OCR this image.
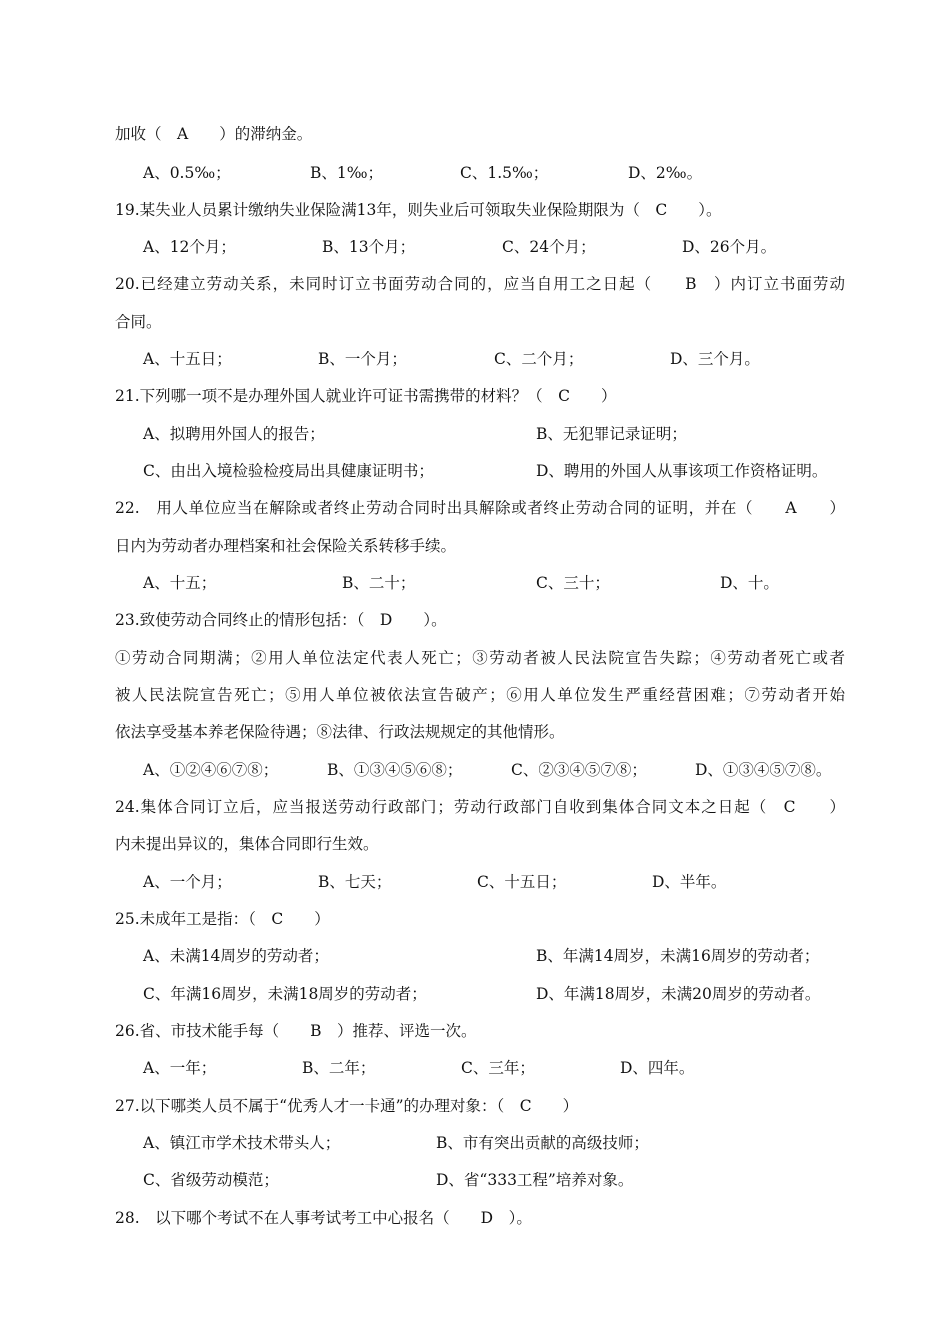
加收（　A　　）的滞纳金。
A、0.5‰；	B、1‰；	C、1.5‰；	D、2‰。
19.某失业人员累计缴纳失业保险满13年，则失业后可领取失业保险期限为（　C　　）。
A、12个月；	B、13个月；	C、24个月；	D、26个月。
20.已经建立劳动关系，未同时订立书面劳动合同的，应当自用工之日起（　　B　）内订立书面劳动
合同。
A、十五日；	B、一个月；	C、二个月；	D、三个月。
21.下列哪一项不是办理外国人就业许可证书需携带的材料？（　C　　）
A、拟聘用外国人的报告；	B、无犯罪记录证明；
C、由出入境检验检疫局出具健康证明书；	D、聘用的外国人从事该项工作资格证明。
22.　用人单位应当在解除或者终止劳动合同时出具解除或者终止劳动合同的证明，并在（　　A　　）
日内为劳动者办理档案和社会保险关系转移手续。
A、十五；	B、二十；	C、三十；	D、十。
23.致使劳动合同终止的情形包括：（　D　　）。
①劳动合同期满；②用人单位法定代表人死亡；③劳动者被人民法院宣告失踪；④劳动者死亡或者
被人民法院宣告死亡；⑤用人单位被依法宣告破产；⑥用人单位发生严重经营困难；⑦劳动者开始
依法享受基本养老保险待遇；⑧法律、行政法规规定的其他情形。
A、①②④⑥⑦⑧；	B、①③④⑤⑥⑧；	C、②③④⑤⑦⑧；	D、①③④⑤⑦⑧。
24.集体合同订立后，应当报送劳动行政部门；劳动行政部门自收到集体合同文本之日起（　C　　）
内未提出异议的，集体合同即行生效。
A、一个月；	B、七天；	C、十五日；	D、半年。
25.未成年工是指：（　C　　）
A、未满14周岁的劳动者；	B、年满14周岁，未满16周岁的劳动者；
C、年满16周岁，未满18周岁的劳动者；	D、年满18周岁，未满20周岁的劳动者。
26.省、市技术能手每（　　B　）推荐、评选一次。
A、一年；	B、二年；	C、三年；	D、四年。
27.以下哪类人员不属于“优秀人才一卡通”的办理对象：（　C　　）
A、镇江市学术技术带头人；	B、市有突出贡献的高级技师；
C、省级劳动模范；	D、省“333工程”培养对象。
28.　以下哪个考试不在人事考试考工中心报名（　　D　）。
